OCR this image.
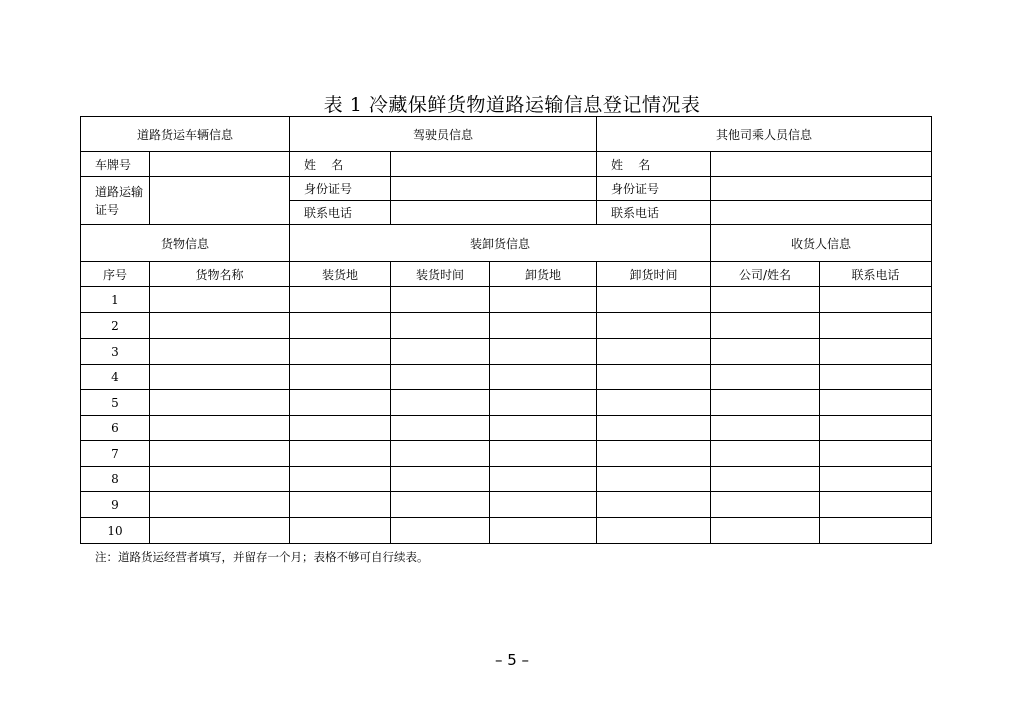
表 1 冷藏保鲜货物道路运输信息登记情况表
道路货运车辆信息		驾驶员信息			其他司乘人员信息		
车牌号		姓    名			姓    名		
道路运输证号		身份证号			身份证号		
		联系电话			联系电话		
货物信息		装卸货信息				收货人信息	
序号	货物名称	装货地	装货时间	卸货地	卸货时间	公司/姓名	联系电话
1							
2							
3							
4							
5							
6							
7							
8							
9							
10							
注：道路货运经营者填写，并留存一个月；表格不够可自行续表。
– 5 –
